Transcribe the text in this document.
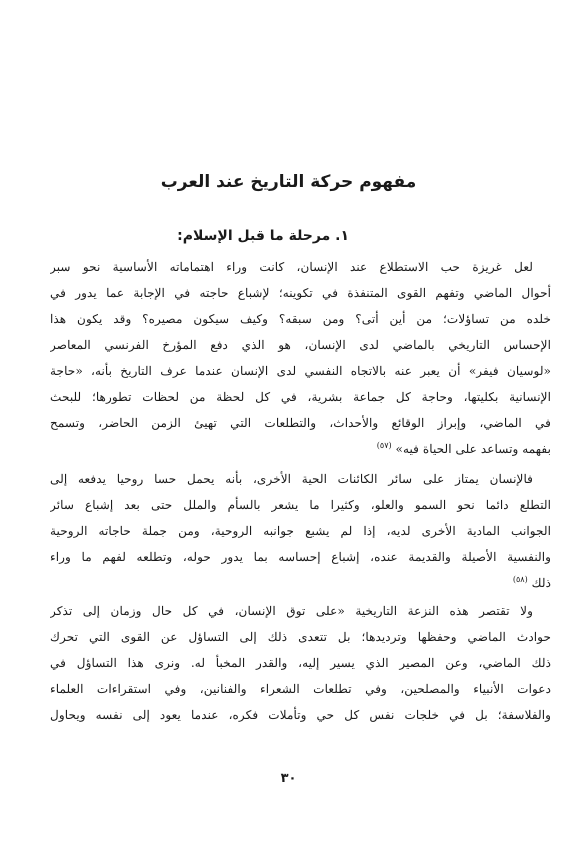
مفهوم حركة التاريخ عند العرب
١. مرحلة ما قبل الإسلام:
لعل غريزة حب الاستطلاع عند الإنسان، كانت وراء اهتماماته الأساسية نحو سبر
أحوال الماضي وتفهم القوى المتنفذة في تكوينه؛ لإشباع حاجته في الإجابة عما يدور في
خلده من تساؤلات؛ من أين أتى؟ ومن سبقه؟ وكيف سيكون مصيره؟ وقد يكون هذا
الإحساس التاريخي بالماضي لدى الإنسان، هو الذي دفع المؤرخ الفرنسي المعاصر
«لوسيان فيفر» أن يعبر عنه بالاتجاه النفسي لدى الإنسان عندما عرف التاريخ بأنه، «حاجة
الإنسانية بكليتها، وحاجة كل جماعة بشرية، في كل لحظة من لحظات تطورها؛ للبحث
في الماضي، وإبراز الوقائع والأحداث، والتطلعات التي تهيئ الزمن الحاضر، وتسمح
بفهمه وتساعد على الحياة فيه» $^{(٥٧)}$
فالإنسان يمتاز على سائر الكائنات الحية الأخرى، بأنه يحمل حسا روحيا يدفعه إلى
التطلع دائما نحو السمو والعلو، وكثيرا ما يشعر بالسأم والملل حتى بعد إشباع سائر
الجوانب المادية الأخرى لديه، إذا لم يشبع جوانبه الروحية، ومن جملة حاجاته الروحية
والنفسية الأصيلة والقديمة عنده، إشباع إحساسه بما يدور حوله، وتطلعه لفهم ما وراء
ذلك $^{(٥٨)}$
ولا تقتصر هذه النزعة التاريخية «على توق الإنسان، في كل حال وزمان إلى تذكر
حوادث الماضي وحفظها وترديدها؛ بل تتعدى ذلك إلى التساؤل عن القوى التي تحرك
ذلك الماضي، وعن المصير الذي يسير إليه، والقدر المخبأ له. ونرى هذا التساؤل في
دعوات الأنبياء والمصلحين، وفي تطلعات الشعراء والفنانين، وفي استقراءات العلماء
والفلاسفة؛ بل في خلجات نفس كل حي وتأملات فكره، عندما يعود إلى نفسه ويحاول
٣٠
